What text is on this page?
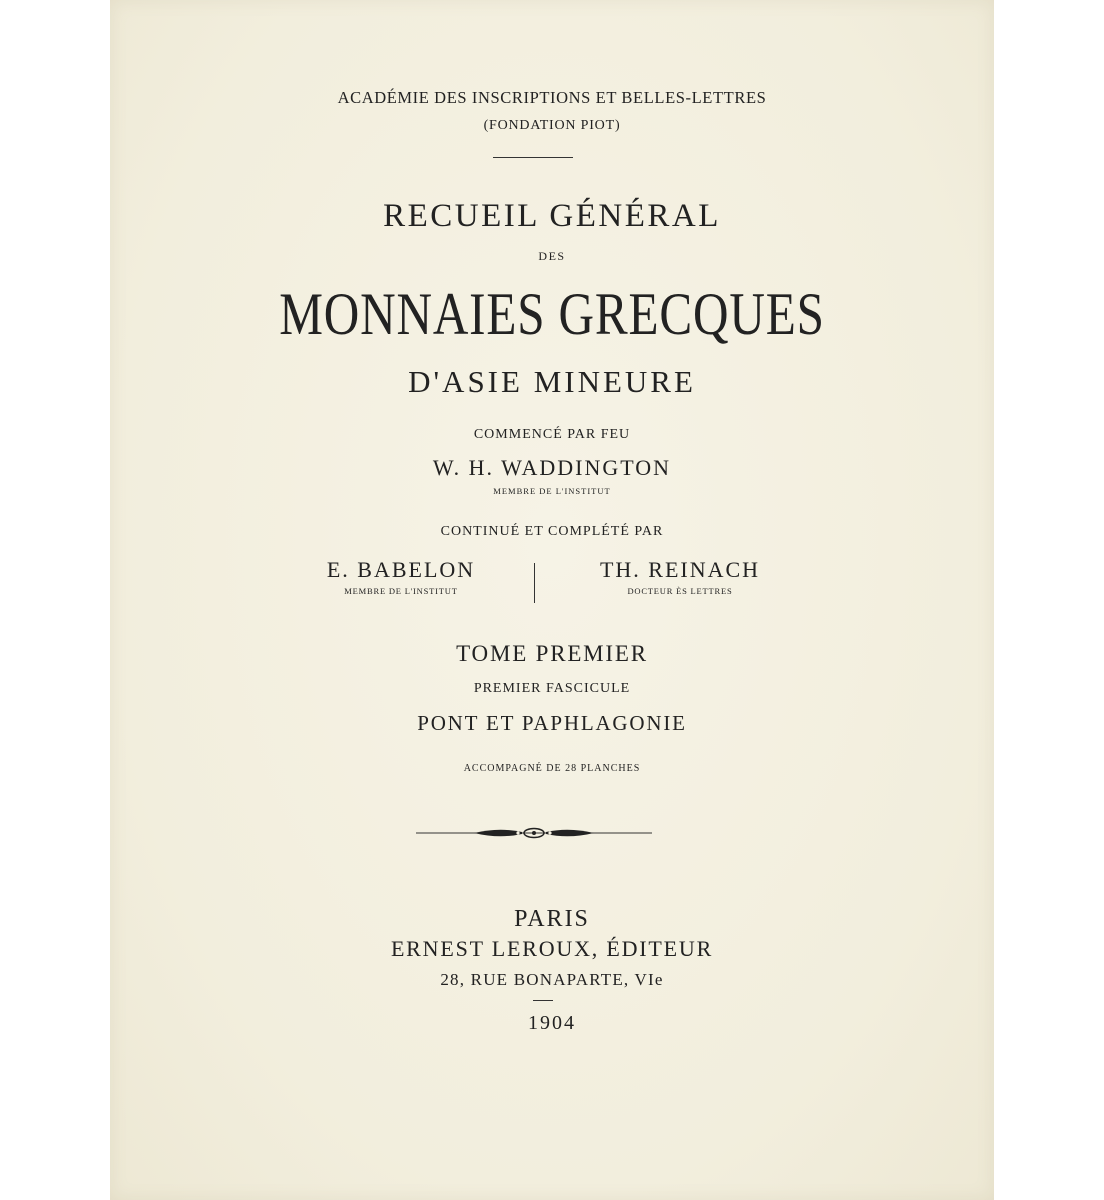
ACADÉMIE DES INSCRIPTIONS ET BELLES-LETTRES
(FONDATION PIOT)
RECUEIL GÉNÉRAL
DES
MONNAIES GRECQUES
D'ASIE MINEURE
COMMENCÉ PAR FEU
W. H. WADDINGTON
MEMBRE DE L'INSTITUT
CONTINUÉ ET COMPLÉTÉ PAR
E. BABELON
MEMBRE DE L'INSTITUT
TH. REINACH
DOCTEUR ÈS LETTRES
TOME PREMIER
PREMIER FASCICULE
PONT ET PAPHLAGONIE
ACCOMPAGNÉ DE 28 PLANCHES
PARIS
ERNEST LEROUX, ÉDITEUR
28, RUE BONAPARTE, VIe
1904
